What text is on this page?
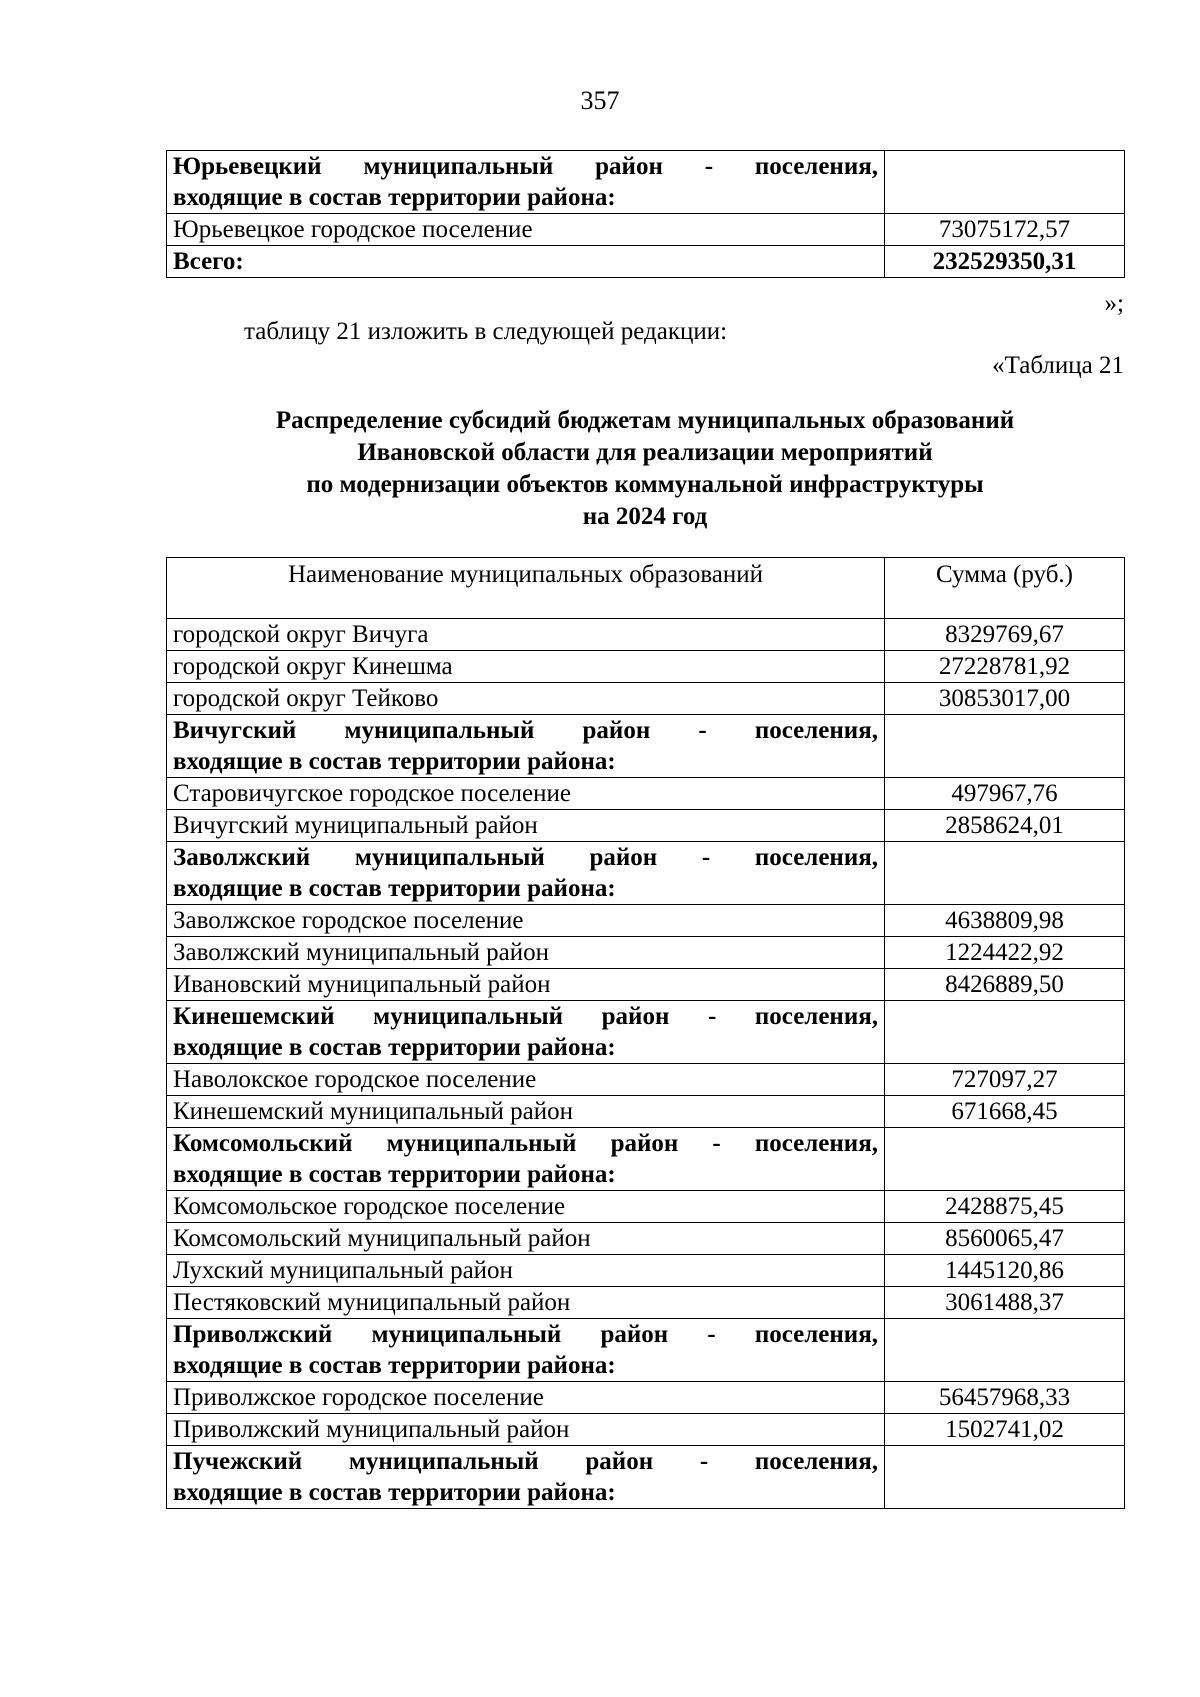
357
Юрьевецкий муниципальный район - поселения,
входящие в состав территории района:	

Юрьевецкое городское поселение	73075172,57
Всего:	232529350,31
»;
таблицу 21 изложить в следующей редакции:
«Таблица 21
Распределение субсидий бюджетам муниципальных образований
Ивановской области для реализации мероприятий
по модернизации объектов коммунальной инфраструктуры
на 2024 год
Наименование муниципальных образований	Сумма (руб.)
городской округ Вичуга	8329769,67
городской округ Кинешма	27228781,92
городской округ Тейково	30853017,00

Вичугский муниципальный район - поселения,
входящие в состав территории района:	

Старовичугское городское поселение	497967,76
Вичугский муниципальный район	2858624,01

Заволжский муниципальный район - поселения,
входящие в состав территории района:	

Заволжское городское поселение	4638809,98
Заволжский муниципальный район	1224422,92
Ивановский муниципальный район	8426889,50

Кинешемский муниципальный район - поселения,
входящие в состав территории района:	

Наволокское городское поселение	727097,27
Кинешемский муниципальный район	671668,45

Комсомольский муниципальный район - поселения,
входящие в состав территории района:	

Комсомольское городское поселение	2428875,45
Комсомольский муниципальный район	8560065,47
Лухский муниципальный район	1445120,86
Пестяковский муниципальный район	3061488,37

Приволжский муниципальный район - поселения,
входящие в состав территории района:	

Приволжское городское поселение	56457968,33
Приволжский муниципальный район	1502741,02

Пучежский муниципальный район - поселения,
входящие в состав территории района:	
